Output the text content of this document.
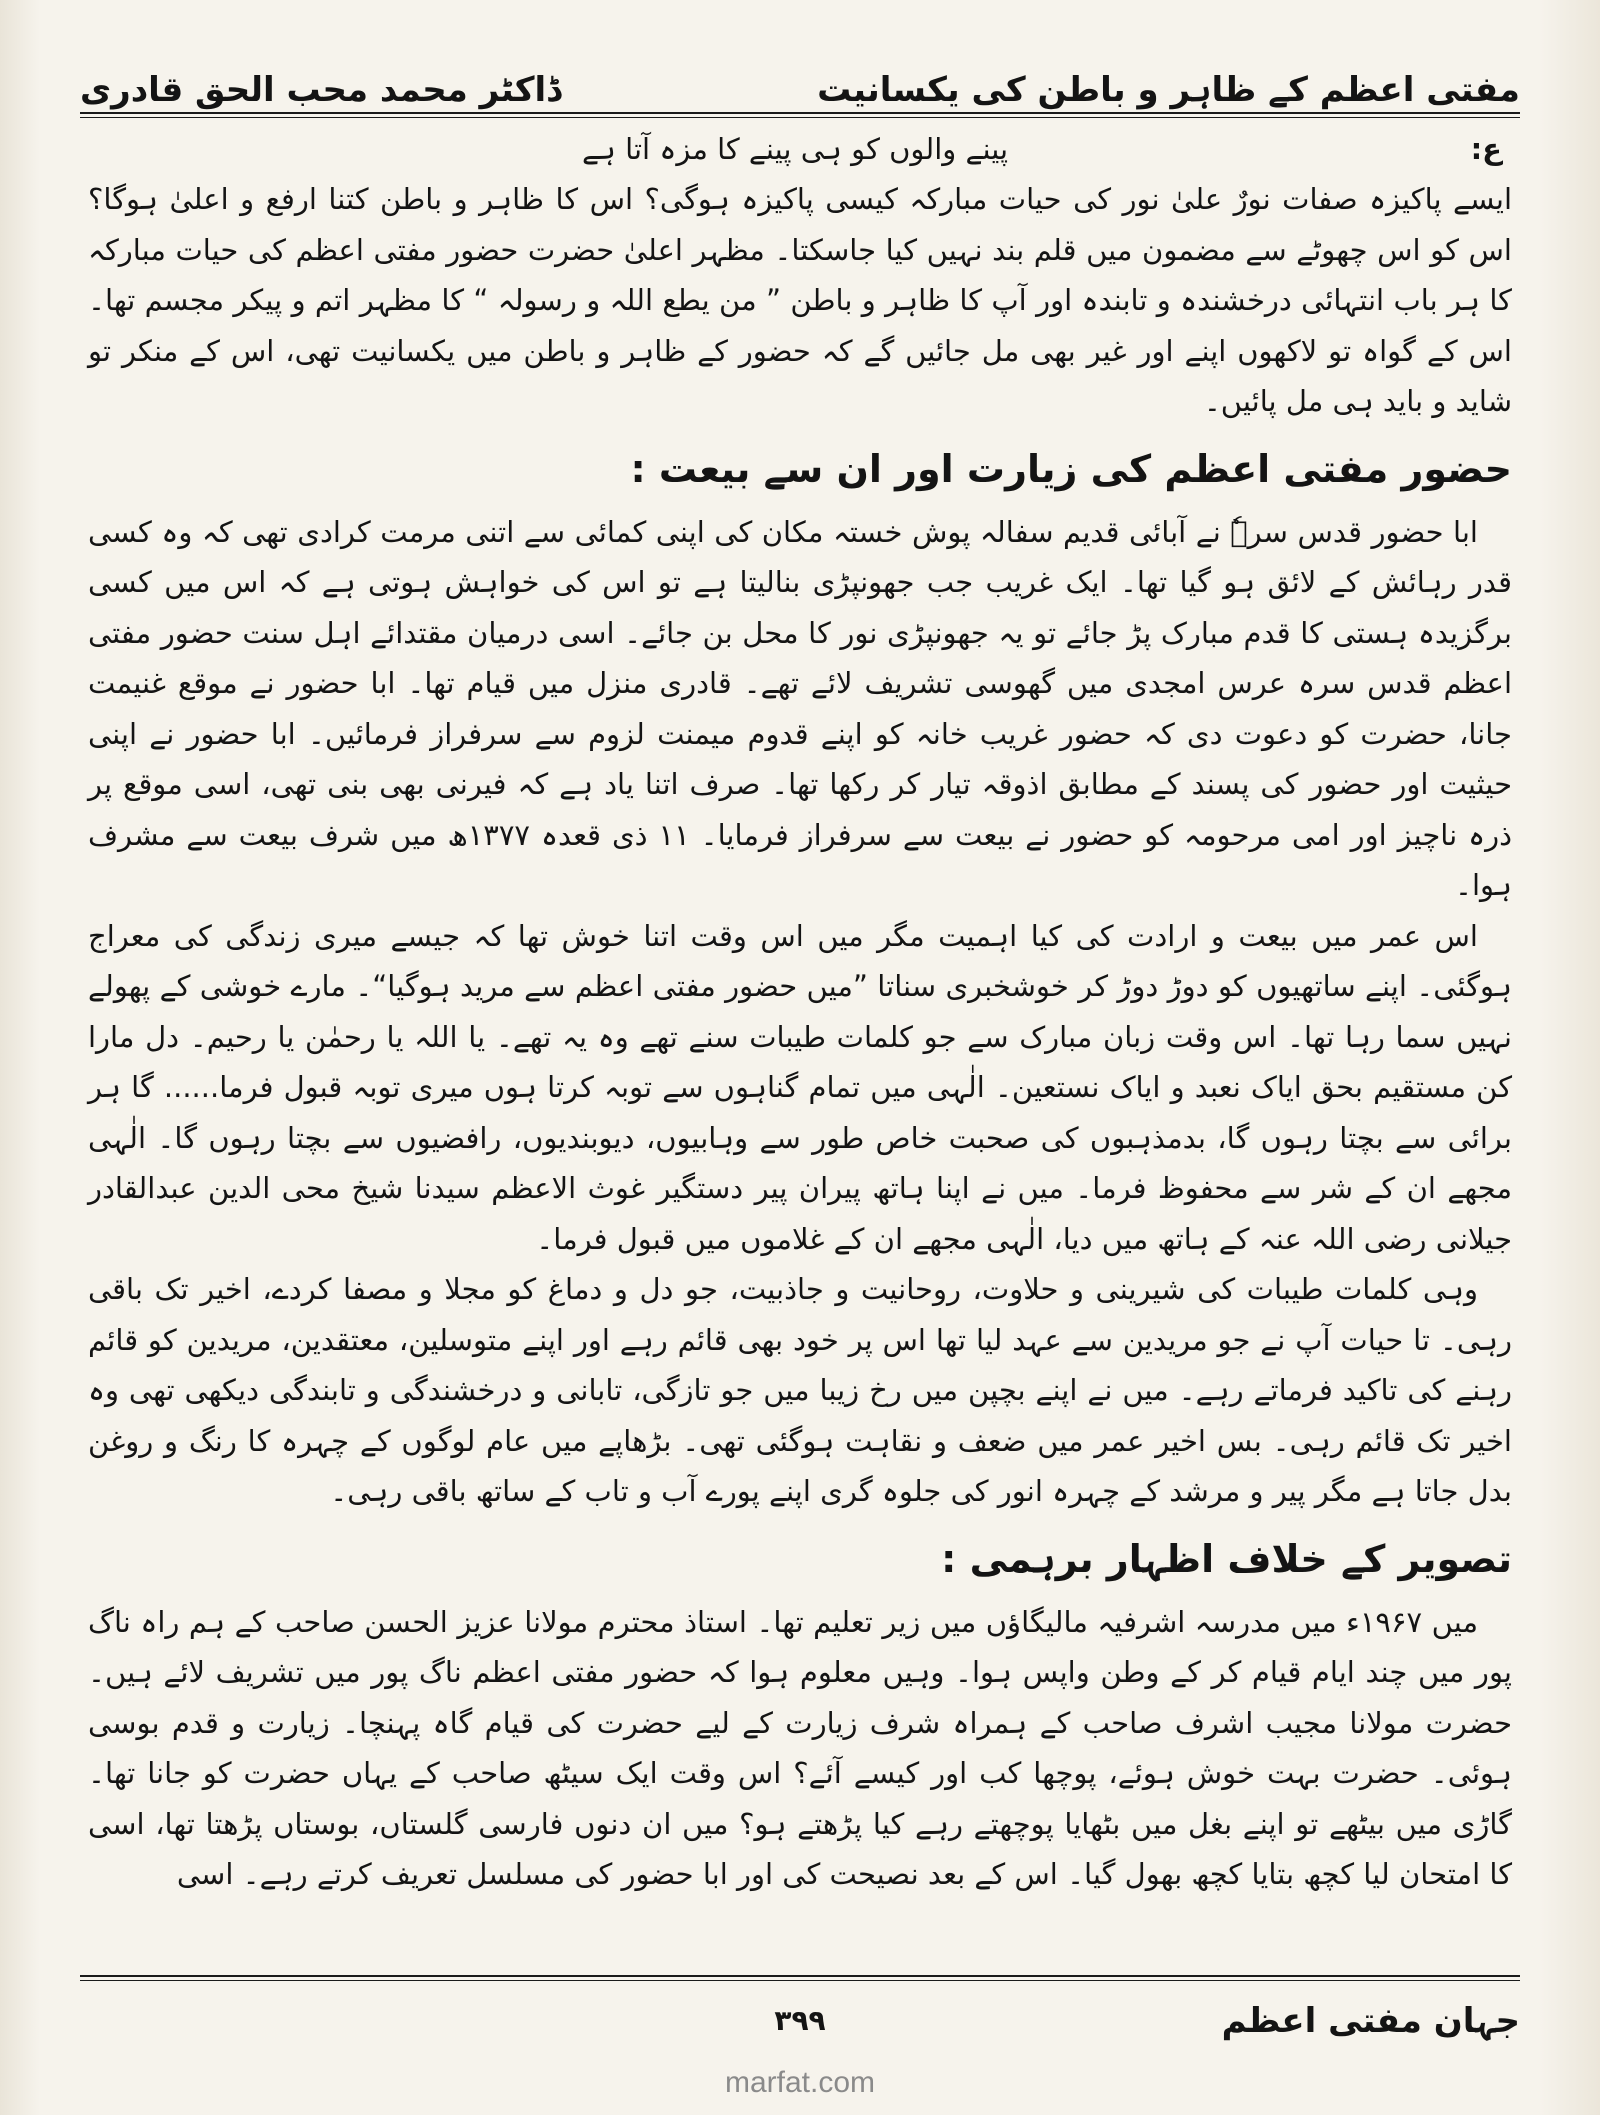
مفتی اعظم کے ظاہر و باطن کی یکسانیت
ڈاکٹر محمد محب الحق قادری
ع:
پینے والوں کو ہی پینے کا مزہ آتا ہے

ایسے پاکیزہ صفات نورٌ علیٰ نور کی حیات مبارکہ کیسی پاکیزہ ہوگی؟ اس کا ظاہر و باطن کتنا ارفع و اعلیٰ ہوگا؟ اس کو اس چھوٹے سے مضمون میں قلم بند نہیں کیا جاسکتا۔ مظہر اعلیٰ حضرت حضور مفتی اعظم کی حیات مبارکہ کا ہر باب انتہائی درخشندہ و تابندہ اور آپ کا ظاہر و باطن ” من یطع اللہ و رسولہ “ کا مظہر اتم و پیکر مجسم تھا۔ اس کے گواہ تو لاکھوں اپنے اور غیر بھی مل جائیں گے کہ حضور کے ظاہر و باطن میں یکسانیت تھی، اس کے منکر تو شاید و باید ہی مل پائیں۔

حضور مفتی اعظم کی زیارت اور ان سے بیعت :

ابا حضور قدس سرہٗ نے آبائی قدیم سفالہ پوش خستہ مکان کی اپنی کمائی سے اتنی مرمت کرادی تھی کہ وہ کسی قدر رہائش کے لائق ہو گیا تھا۔ ایک غریب جب جھونپڑی بنالیتا ہے تو اس کی خواہش ہوتی ہے کہ اس میں کسی برگزیدہ ہستی کا قدم مبارک پڑ جائے تو یہ جھونپڑی نور کا محل بن جائے۔ اسی درمیان مقتدائے اہل سنت حضور مفتی اعظم قدس سرہ عرس امجدی میں گھوسی تشریف لائے تھے۔ قادری منزل میں قیام تھا۔ ابا حضور نے موقع غنیمت جانا، حضرت کو دعوت دی کہ حضور غریب خانہ کو اپنے قدوم میمنت لزوم سے سرفراز فرمائیں۔ ابا حضور نے اپنی حیثیت اور حضور کی پسند کے مطابق اذوقہ تیار کر رکھا تھا۔ صرف اتنا یاد ہے کہ فیرنی بھی بنی تھی، اسی موقع پر ذرہ ناچیز اور امی مرحومہ کو حضور نے بیعت سے سرفراز فرمایا۔ ۱۱ ذی قعدہ ۱۳۷۷ھ میں شرف بیعت سے مشرف ہوا۔

اس عمر میں بیعت و ارادت کی کیا اہمیت مگر میں اس وقت اتنا خوش تھا کہ جیسے میری زندگی کی معراج ہوگئی۔ اپنے ساتھیوں کو دوڑ دوڑ کر خوشخبری سناتا ”میں حضور مفتی اعظم سے مرید ہوگیا“۔ مارے خوشی کے پھولے نہیں سما رہا تھا۔ اس وقت زبان مبارک سے جو کلمات طیبات سنے تھے وہ یہ تھے۔ یا اللہ یا رحمٰن یا رحیم۔ دل مارا کن مستقیم بحق ایاک نعبد و ایاک نستعین۔ الٰہی میں تمام گناہوں سے توبہ کرتا ہوں میری توبہ قبول فرما...... گا ہر برائی سے بچتا رہوں گا، بدمذہبوں کی صحبت خاص طور سے وہابیوں، دیوبندیوں، رافضیوں سے بچتا رہوں گا۔ الٰہی مجھے ان کے شر سے محفوظ فرما۔ میں نے اپنا ہاتھ پیران پیر دستگیر غوث الاعظم سیدنا شیخ محی الدین عبدالقادر جیلانی رضی اللہ عنہ کے ہاتھ میں دیا، الٰہی مجھے ان کے غلاموں میں قبول فرما۔

وہی کلمات طیبات کی شیرینی و حلاوت، روحانیت و جاذبیت، جو دل و دماغ کو مجلا و مصفا کردے، اخیر تک باقی رہی۔ تا حیات آپ نے جو مریدین سے عہد لیا تھا اس پر خود بھی قائم رہے اور اپنے متوسلین، معتقدین، مریدین کو قائم رہنے کی تاکید فرماتے رہے۔ میں نے اپنے بچپن میں رخ زیبا میں جو تازگی، تابانی و درخشندگی و تابندگی دیکھی تھی وہ اخیر تک قائم رہی۔ بس اخیر عمر میں ضعف و نقاہت ہوگئی تھی۔ بڑھاپے میں عام لوگوں کے چہرہ کا رنگ و روغن بدل جاتا ہے مگر پیر و مرشد کے چہرہ انور کی جلوہ گری اپنے پورے آب و تاب کے ساتھ باقی رہی۔

تصویر کے خلاف اظہار برہمی :

میں ۱۹۶۷ء میں مدرسہ اشرفیہ مالیگاؤں میں زیر تعلیم تھا۔ استاذ محترم مولانا عزیز الحسن صاحب کے ہم راہ ناگ پور میں چند ایام قیام کر کے وطن واپس ہوا۔ وہیں معلوم ہوا کہ حضور مفتی اعظم ناگ پور میں تشریف لائے ہیں۔ حضرت مولانا مجیب اشرف صاحب کے ہمراہ شرف زیارت کے لیے حضرت کی قیام گاہ پہنچا۔ زیارت و قدم بوسی ہوئی۔ حضرت بہت خوش ہوئے، پوچھا کب اور کیسے آئے؟ اس وقت ایک سیٹھ صاحب کے یہاں حضرت کو جانا تھا۔ گاڑی میں بیٹھے تو اپنے بغل میں بٹھایا پوچھتے رہے کیا پڑھتے ہو؟ میں ان دنوں فارسی گلستاں، بوستاں پڑھتا تھا، اسی کا امتحان لیا کچھ بتایا کچھ بھول گیا۔ اس کے بعد نصیحت کی اور ابا حضور کی مسلسل تعریف کرتے رہے۔ اسی

جہان مفتی اعظم
۳۹۹
marfat.com
